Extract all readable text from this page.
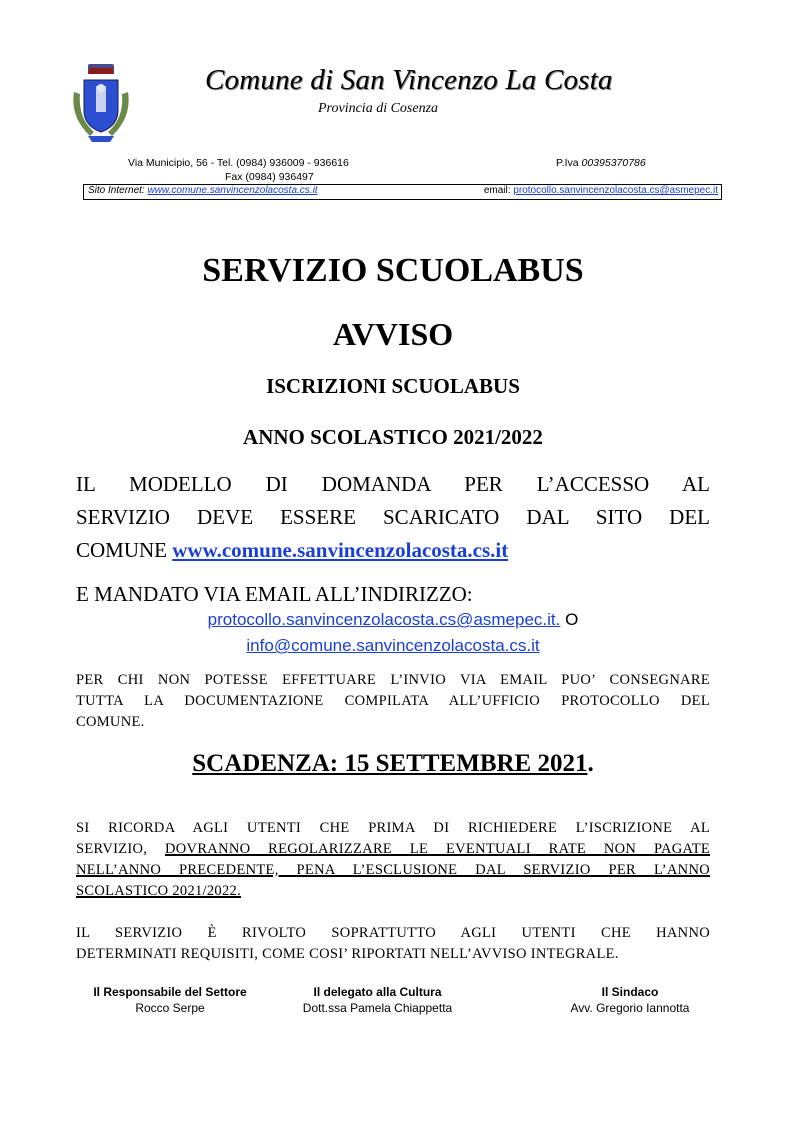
Comune di San Vincenzo La Costa
Provincia di Cosenza
Via Municipio, 56 - Tel. (0984) 936009 - 936616	P.Iva 00395370786
Fax (0984) 936497
Sito Internet: www.comune.sanvincenzolacosta.cs.it	email: protocollo.sanvincenzolacosta.cs@asmepec.it
SERVIZIO SCUOLABUS
AVVISO
ISCRIZIONI SCUOLABUS
ANNO SCOLASTICO 2021/2022
IL MODELLO DI DOMANDA PER L’ACCESSO AL
SERVIZIO DEVE ESSERE SCARICATO DAL SITO DEL
COMUNE www.comune.sanvincenzolacosta.cs.it
E MANDATO VIA EMAIL ALL’INDIRIZZO:
protocollo.sanvincenzolacosta.cs@asmepec.it. O
info@comune.sanvincenzolacosta.cs.it
PER CHI NON POTESSE EFFETTUARE L’INVIO VIA EMAIL PUO’ CONSEGNARE
TUTTA LA DOCUMENTAZIONE COMPILATA ALL’UFFICIO PROTOCOLLO DEL
COMUNE.
SCADENZA: 15 SETTEMBRE 2021.
SI RICORDA AGLI UTENTI CHE PRIMA DI RICHIEDERE L’ISCRIZIONE AL
SERVIZIO, DOVRANNO REGOLARIZZARE LE EVENTUALI RATE NON PAGATE
NELL’ANNO PRECEDENTE, PENA L’ESCLUSIONE DAL SERVIZIO PER L’ANNO
SCOLASTICO 2021/2022.
IL SERVIZIO È RIVOLTO SOPRATTUTTO AGLI UTENTI CHE HANNO
DETERMINATI REQUISITI, COME COSI’ RIPORTATI NELL’AVVISO INTEGRALE.
Il Responsabile del Settore
Rocco Serpe
Il delegato alla Cultura
Dott.ssa Pamela Chiappetta
Il Sindaco
Avv. Gregorio Iannotta
